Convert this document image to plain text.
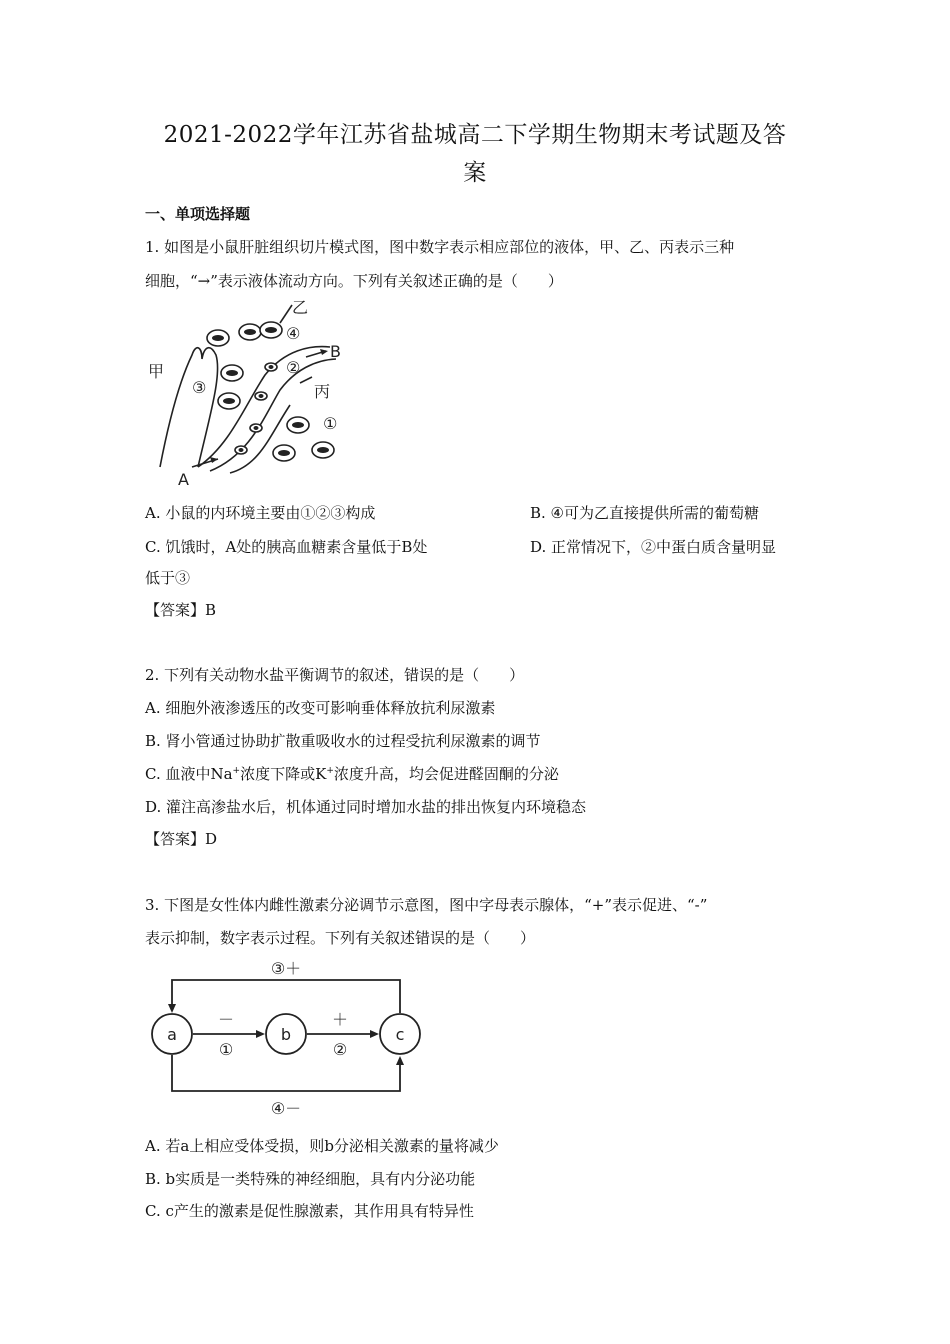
2021-2022学年江苏省盐城高二下学期生物期末考试题及答
案
一、单项选择题
1. 如图是小鼠肝脏组织切片模式图，图中数字表示相应部位的液体，甲、乙、丙表示三种
细胞，“→”表示液体流动方向。下列有关叙述正确的是（　　）
甲
乙
丙
A
B
①
②
③
④
A. 小鼠的内环境主要由①②③构成	B. ④可为乙直接提供所需的葡萄糖
C. 饥饿时，A处的胰高血糖素含量低于B处	D. 正常情况下，②中蛋白质含量明显
低于③
【答案】B
2. 下列有关动物水盐平衡调节的叙述，错误的是（　　）
A. 细胞外液渗透压的改变可影响垂体释放抗利尿激素
B. 肾小管通过协助扩散重吸收水的过程受抗利尿激素的调节
C. 血液中Na+浓度下降或K+浓度升高，均会促进醛固酮的分泌
D. 灌注高渗盐水后，机体通过同时增加水盐的排出恢复内环境稳态
【答案】D
3. 下图是女性体内雌性激素分泌调节示意图，图中字母表示腺体，“+”表示促进、“-”
表示抑制，数字表示过程。下列有关叙述错误的是（　　）
a	b	c
－
①
＋
②
③＋
④－
A. 若a上相应受体受损，则b分泌相关激素的量将减少
B. b实质是一类特殊的神经细胞，具有内分泌功能
C. c产生的激素是促性腺激素，其作用具有特异性
